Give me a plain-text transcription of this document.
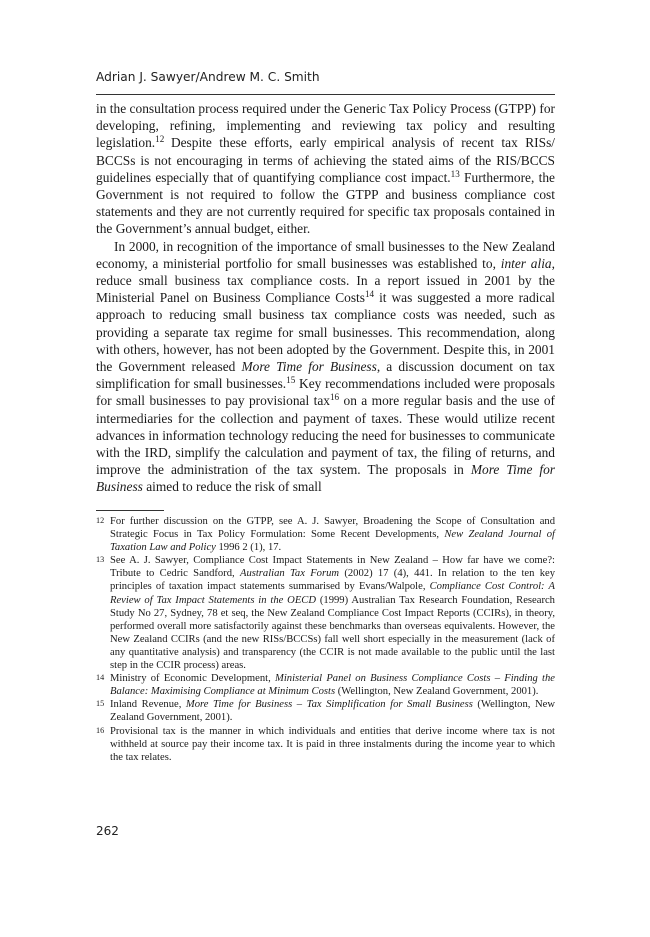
Adrian J. Sawyer/Andrew M. C. Smith

in the consultation process required under the Generic Tax Policy Process (GTPP) for developing, refining, implementing and reviewing tax policy and resulting legislation.$^{12}$ Despite these efforts, early empirical analysis of recent tax RISs/ BCCSs is not encouraging in terms of achieving the stated aims of the RIS/BCCS guidelines especially that of quantifying compliance cost impact.$^{13}$ Furthermore, the Government is not required to follow the GTPP and business compliance cost statements and they are not currently required for specific tax proposals contained in the Government’s annual budget, either.

In 2000, in recognition of the importance of small businesses to the New Zealand economy, a ministerial portfolio for small businesses was established to, inter alia, reduce small business tax compliance costs. In a report issued in 2001 by the Ministerial Panel on Business Compliance Costs$^{14}$ it was suggested a more radical approach to reducing small business tax compliance costs was needed, such as providing a separate tax regime for small businesses. This recommendation, along with others, however, has not been adopted by the Government. Despite this, in 2001 the Government released More Time for Business, a discussion document on tax simplification for small businesses.$^{15}$ Key recommendations included were proposals for small businesses to pay provisional tax$^{16}$ on a more regular basis and the use of intermediaries for the collection and payment of taxes. These would utilize recent advances in information technology reducing the need for businesses to communicate with the IRD, simplify the calculation and payment of tax, the filing of returns, and improve the administration of the tax system. The proposals in More Time for Business aimed to reduce the risk of small

12 For further discussion on the GTPP, see A. J. Sawyer, Broadening the Scope of Consultation and Strategic Focus in Tax Policy Formulation: Some Recent Developments, New Zealand Journal of Taxation Law and Policy 1996 2 (1), 17.
13 See A. J. Sawyer, Compliance Cost Impact Statements in New Zealand – How far have we come?: Tribute to Cedric Sandford, Australian Tax Forum (2002) 17 (4), 441. In relation to the ten key principles of taxation impact statements summarised by Evans/Walpole, Compliance Cost Control: A Review of Tax Impact Statements in the OECD (1999) Australian Tax Research Foundation, Research Study No 27, Sydney, 78 et seq, the New Zealand Compliance Cost Impact Reports (CCIRs), in theory, performed overall more satisfactorily against these benchmarks than overseas equivalents. However, the New Zealand CCIRs (and the new RISs/BCCSs) fall well short especially in the measurement (lack of any quantitative analysis) and transparency (the CCIR is not made available to the public until the last step in the CCIR process) areas.
14 Ministry of Economic Development, Ministerial Panel on Business Compliance Costs – Finding the Balance: Maximising Compliance at Minimum Costs (Wellington, New Zealand Government, 2001).
15 Inland Revenue, More Time for Business – Tax Simplification for Small Business (Wellington, New Zealand Government, 2001).
16 Provisional tax is the manner in which individuals and entities that derive income where tax is not withheld at source pay their income tax. It is paid in three instalments during the income year to which the tax relates.
262
